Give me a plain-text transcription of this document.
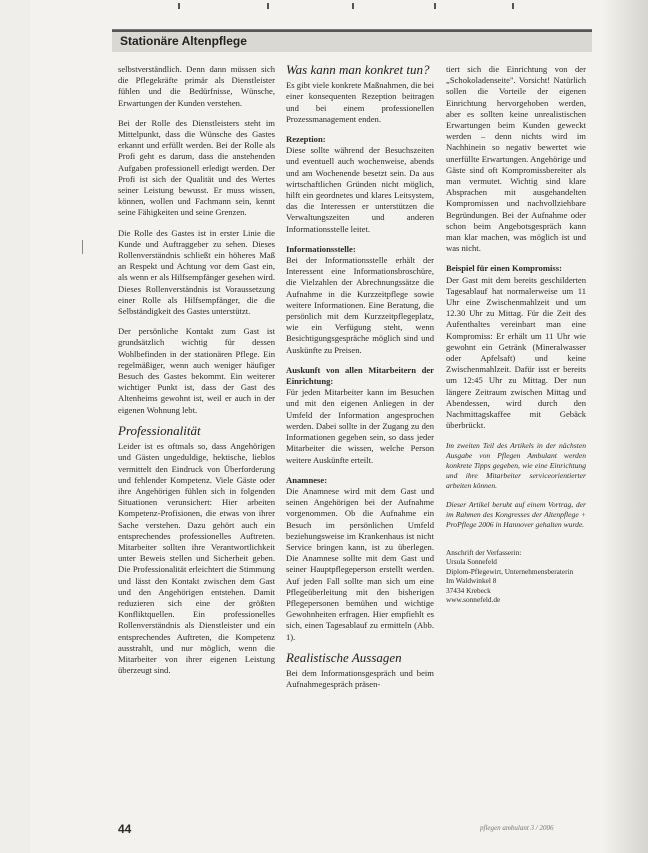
Stationäre Altenpflege

selbstverständlich. Denn dann müssen sich die Pflegekräfte primär als Dienstleister fühlen und die Bedürfnisse, Wünsche, Erwartungen der Kunden verstehen.

Bei der Rolle des Dienstleisters steht im Mittelpunkt, dass die Wünsche des Gastes erkannt und erfüllt werden. Bei der Rolle als Profi geht es darum, dass die anstehenden Aufgaben professionell erledigt werden. Der Profi ist sich der Qualität und des Wertes seiner Leistung bewusst. Er muss wissen, können, wollen und Fachmann sein, kennt seine Fähigkeiten und seine Grenzen.

Die Rolle des Gastes ist in erster Linie die Kunde und Auftraggeber zu sehen. Dieses Rollenverständnis schließt ein höheres Maß an Respekt und Achtung vor dem Gast ein, als wenn er als Hilfsempfänger gesehen wird. Dieses Rollenverständnis ist Voraussetzung einer Rolle als Hilfsempfänger, die die Selbständigkeit des Gastes unterstützt.

Der persönliche Kontakt zum Gast ist grundsätzlich wichtig für dessen Wohlbefinden in der stationären Pflege. Ein regelmäßiger, wenn auch weniger häufiger Besuch des Gastes bekommt. Ein weiterer wichtiger Punkt ist, dass der Gast des Altenheims gewohnt ist, weil er auch in der eigenen Wohnung lebt.

Professionalität

Leider ist es oftmals so, dass Angehörigen und Gästen ungeduldige, hektische, lieblos vermittelt den Eindruck von Überforderung und fehlender Kompetenz. Viele Gäste oder ihre Angehörigen fühlen sich in folgenden Situationen verunsichert: Hier arbeiten Kompetenz-Profisionen, die etwas von ihrer Sache verstehen. Dazu gehört auch ein entsprechendes professionelles Auftreten. Mitarbeiter sollten ihre Verantwortlichkeit unter Beweis stellen und Sicherheit geben. Die Professionalität erleichtert die Stimmung und lässt den Kontakt zwischen dem Gast und den Angehörigen entstehen. Damit reduzieren sich eine der größten Konfliktquellen. Ein professionelles Rollenverständnis als Dienstleister und ein entsprechendes Auftreten, die Kompetenz ausstrahlt, und nur möglich, wenn die Mitarbeiter von ihrer eigenen Leistung überzeugt sind.

Was kann man konkret tun?

Es gibt viele konkrete Maßnahmen, die bei einer konsequenten Rezeption beitragen und bei einem professionellen Prozessmanagement enden.

Rezeption:

Diese sollte während der Besuchszeiten und eventuell auch wochenweise, abends und am Wochenende besetzt sein. Da aus wirtschaftlichen Gründen nicht möglich, hilft ein geordnetes und klares Leitsystem, das die Interessen er unterstützen die Verwaltungszeiten und anderen Informationsstelle leitet.

Informationsstelle:

Bei der Informationsstelle erhält der Interessent eine Informationsbroschüre, die Vielzahlen der Abrechnungssätze die Aufnahme in die Kurzzeitpflege sowie weitere Informationen. Eine Beratung, die persönlich mit dem Kurzzeitpflegeplatz, wie ein Verfügung steht, wenn Besichtigungsgespräche möglich sind und Auskünfte zu Preisen.

Auskunft von allen Mitarbeitern der Einrichtung:

Für jeden Mitarbeiter kann im Besuchen und mit den eigenen Anliegen in der Umfeld der Information angesprochen werden. Dabei sollte in der Zugang zu den Informationen gegeben sein, so dass jeder Mitarbeiter die wissen, welche Person weitere Auskünfte erteilt.

Anamnese:

Die Anamnese wird mit dem Gast und seinen Angehörigen bei der Aufnahme vorgenommen. Ob die Aufnahme ein Besuch im persönlichen Umfeld beziehungsweise im Krankenhaus ist nicht Service bringen kann, ist zu überlegen. Die Anamnese sollte mit dem Gast und seiner Hauptpflegeperson erstellt werden. Auf jeden Fall sollte man sich um eine Pflegeüberleitung mit den bisherigen Pflegepersonen bemühen und wichtige Gewohnheiten erfragen. Hier empfiehlt es sich, einen Tagesablauf zu ermitteln (Abb. 1).

Realistische Aussagen

Bei dem Informationsgespräch und beim Aufnahmegespräch präsen-

tiert sich die Einrichtung von der „Schokoladenseite". Vorsicht! Natürlich sollen die Vorteile der eigenen Einrichtung hervorgehoben werden, aber es sollten keine unrealistischen Erwartungen beim Kunden geweckt werden – denn nichts wird im Nachhinein so negativ bewertet wie unerfüllte Erwartungen. Angehörige und Gäste sind oft Kompromissbereiter als man vermutet. Wichtig sind klare Absprachen mit ausgehandelten Kompromissen und nachvollziehbare Begründungen. Bei der Aufnahme oder schon beim Angebotsgespräch kann man klar machen, was möglich ist und was nicht.

Beispiel für einen Kompromiss:

Der Gast mit dem bereits geschilderten Tagesablauf hat normalerweise um 11 Uhr eine Zwischenmahlzeit und um 12.30 Uhr zu Mittag. Für die Zeit des Aufenthaltes vereinbart man eine Kompromiss: Er erhält um 11 Uhr wie gewohnt ein Getränk (Mineralwasser oder Apfelsaft) und keine Zwischenmahlzeit. Dafür isst er bereits um 12:45 Uhr zu Mittag. Der nun längere Zeitraum zwischen Mittag und Abendessen, wird durch den Nachmittagskaffee mit Gebäck überbrückt.

Im zweiten Teil des Artikels in der nächsten Ausgabe von Pflegen Ambulant werden konkrete Tipps gegeben, wie eine Einrichtung und ihre Mitarbeiter serviceorientierter arbeiten können.

Dieser Artikel beruht auf einem Vortrag, der im Rahmen des Kongresses der Altenpflege + ProPflege 2006 in Hannover gehalten wurde.

Anschrift der Verfasserin:
Ursula Sonnefeld
Diplom-Pflegewirt, Unternehmensberaterin
Im Waldwinkel 8
37434 Krebeck
www.sonnefeld.de
44	pflegen ambulant 3 / 2006
